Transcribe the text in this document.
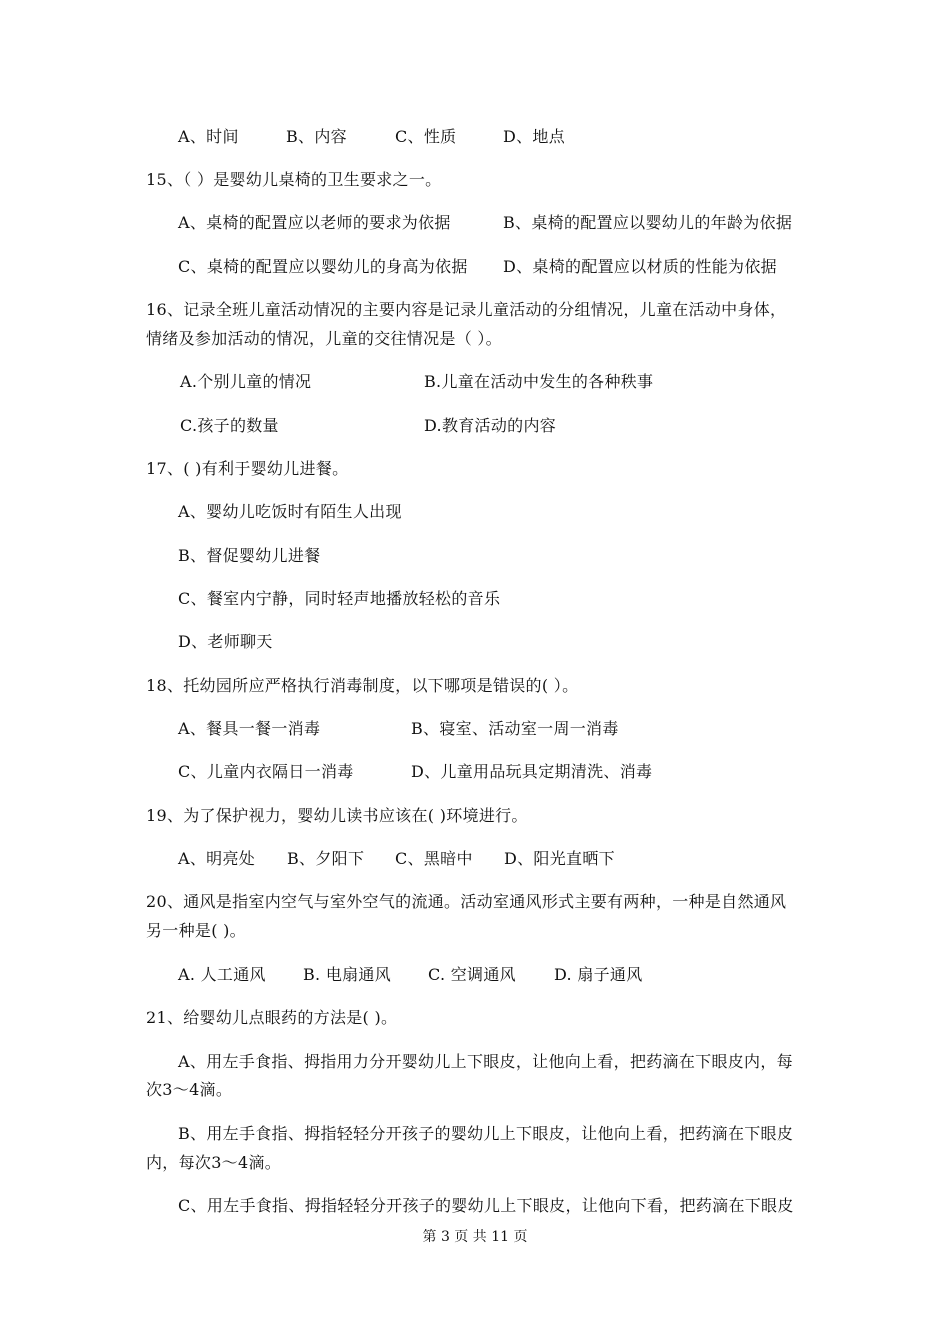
A、时间	B、内容	C、性质	D、地点
15、（ ）是婴幼儿桌椅的卫生要求之一。
A、桌椅的配置应以老师的要求为依据	B、桌椅的配置应以婴幼儿的年龄为依据
C、桌椅的配置应以婴幼儿的身高为依据 D、桌椅的配置应以材质的性能为依据
16、记录全班儿童活动情况的主要内容是记录儿童活动的分组情况，儿童在活动中身体，
情绪及参加活动的情况，儿童的交往情况是（ ）。
A.个别儿童的情况	B.儿童在活动中发生的各种秩事
C.孩子的数量	D.教育活动的内容
17、( )有利于婴幼儿进餐。
A、婴幼儿吃饭时有陌生人出现
B、督促婴幼儿进餐
C、餐室内宁静，同时轻声地播放轻松的音乐
D、老师聊天
18、托幼园所应严格执行消毒制度，以下哪项是错误的( ）。
A、餐具一餐一消毒	B、寝室、活动室一周一消毒
C、儿童内衣隔日一消毒	D、儿童用品玩具定期清洗、消毒
19、为了保护视力，婴幼儿读书应该在( )环境进行。
A、明亮处 B、夕阳下 C、黑暗中 D、阳光直晒下
20、通风是指室内空气与室外空气的流通。活动室通风形式主要有两种，一种是自然通风
另一种是( )。
A. 人工通风 B. 电扇通风 C. 空调通风 D. 扇子通风
21、给婴幼儿点眼药的方法是( )。
A、用左手食指、拇指用力分开婴幼儿上下眼皮，让他向上看，把药滴在下眼皮内，每
次3～4滴。
B、用左手食指、拇指轻轻分开孩子的婴幼儿上下眼皮，让他向上看，把药滴在下眼皮
内，每次3～4滴。
C、用左手食指、拇指轻轻分开孩子的婴幼儿上下眼皮，让他向下看，把药滴在下眼皮
第 3 页 共 11 页
